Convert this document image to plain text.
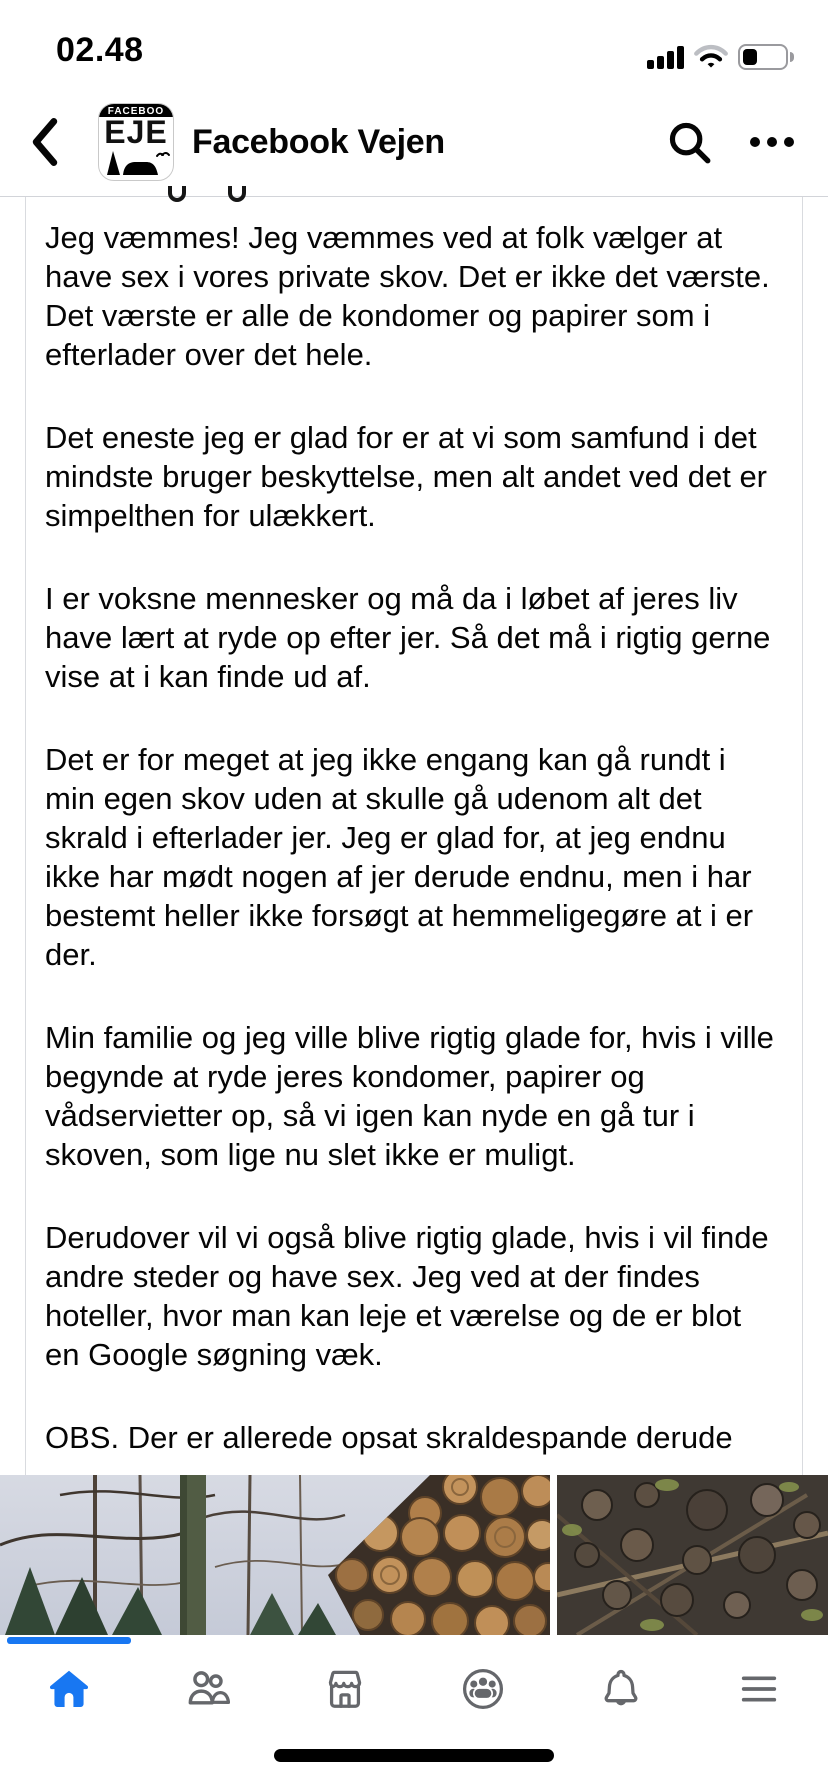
02.48
FACEBOO
EJE Facebook Vejen

Jeg væmmes! Jeg væmmes ved at folk vælger at have sex i vores private skov. Det er ikke det værste. Det værste er alle de kondomer og papirer som i efterlader over det hele.

Det eneste jeg er glad for er at vi som samfund i det mindste bruger beskyttelse, men alt andet ved det er simpelthen for ulækkert.

I er voksne mennesker og må da i løbet af jeres liv have lært at ryde op efter jer. Så det må i rigtig gerne vise at i kan finde ud af.

Det er for meget at jeg ikke engang kan gå rundt i min egen skov uden at skulle gå udenom alt det skrald i efterlader jer. Jeg er glad for, at jeg endnu ikke har mødt nogen af jer derude endnu, men i har bestemt heller ikke forsøgt at hemmeligegøre at i er der.

Min familie og jeg ville blive rigtig glade for, hvis i ville begynde at ryde jeres kondomer, papirer og vådservietter op, så vi igen kan nyde en gå tur i skoven, som lige nu slet ikke er muligt.

Derudover vil vi også blive rigtig glade, hvis i vil finde andre steder og have sex. Jeg ved at der findes hoteller, hvor man kan leje et værelse og de er blot en Google søgning væk.

OBS. Der er allerede opsat skraldespande derude
